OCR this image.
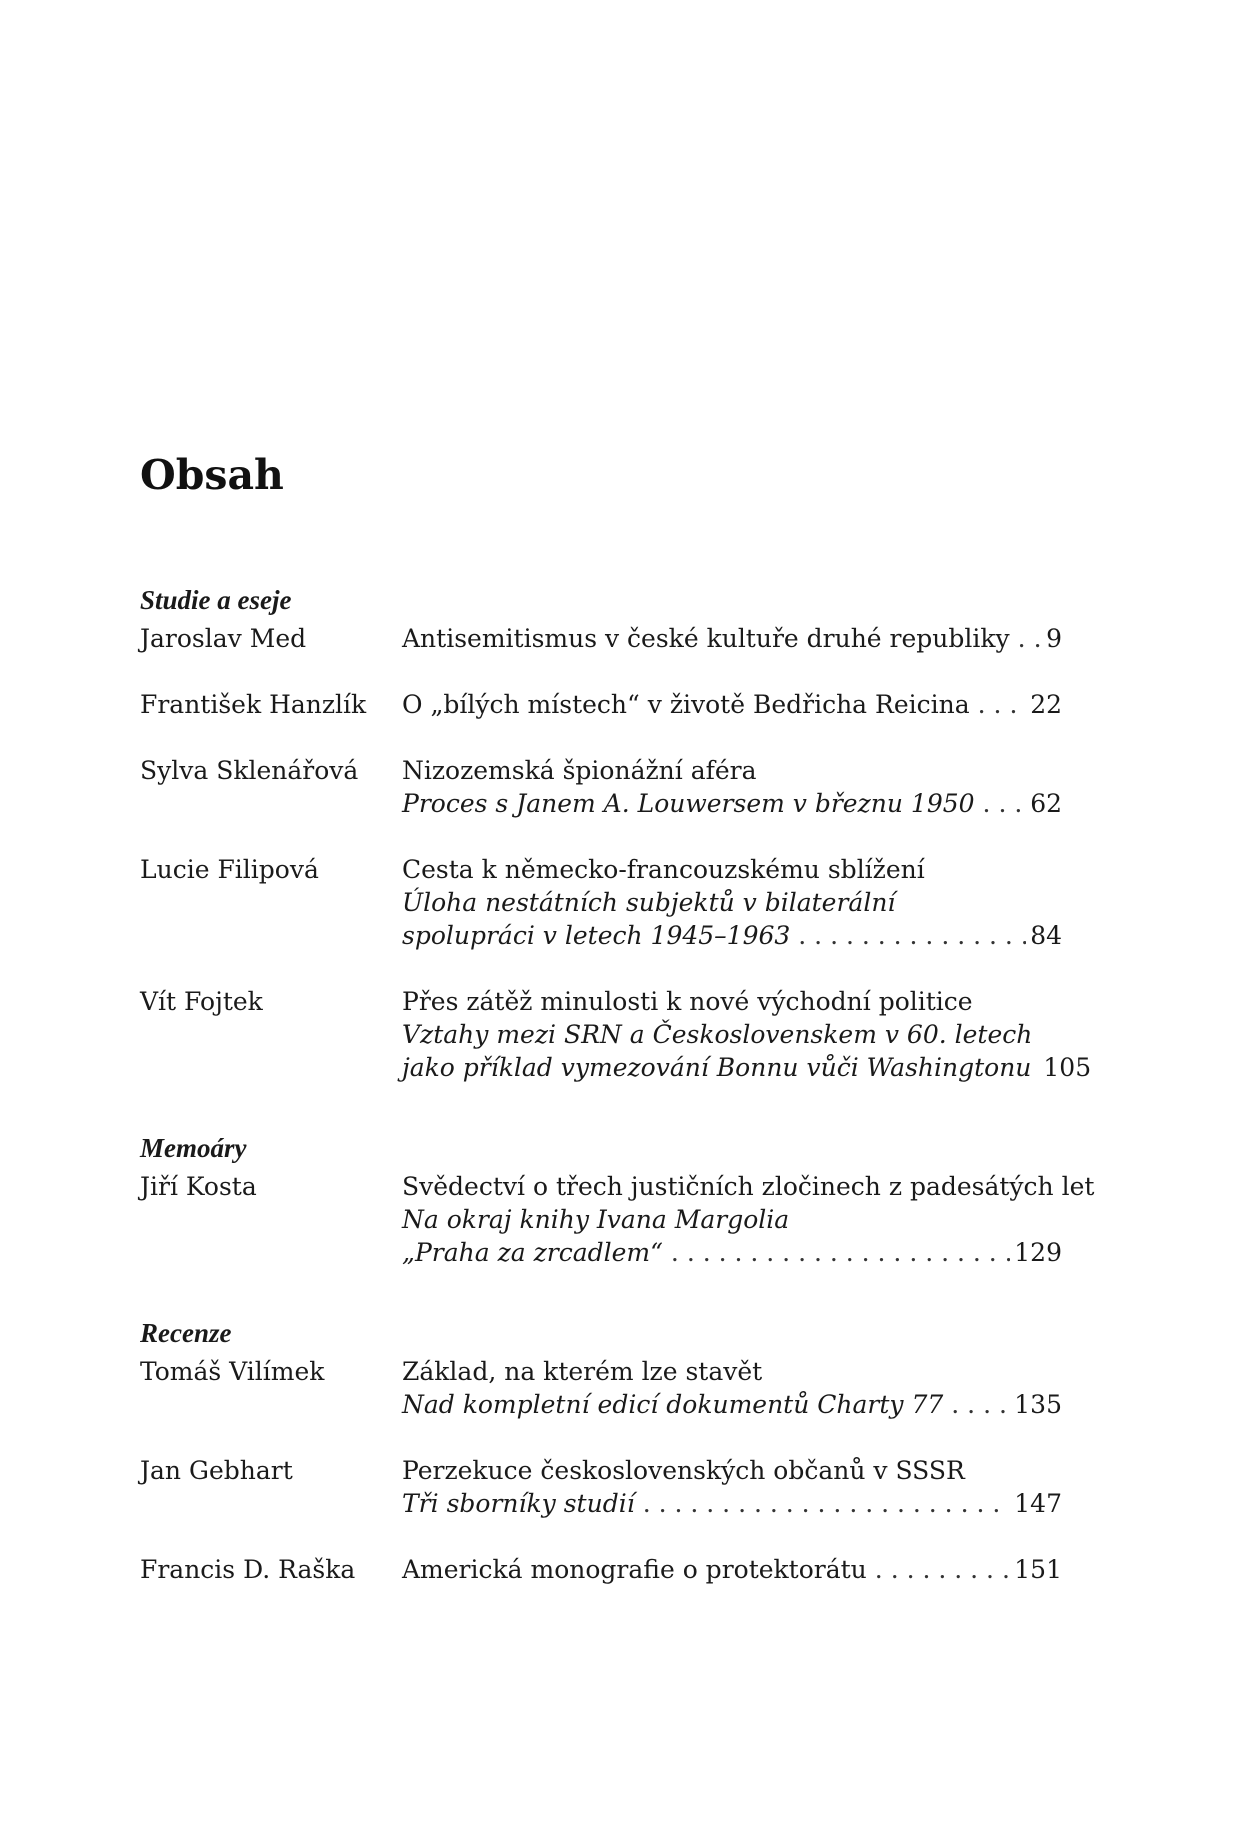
Obsah
Studie a eseje
Jaroslav Med	Antisemitismus v české kultuře druhé republiky . . . 9
František Hanzlík	O „bílých místech“ v životě Bedřicha Reicina . . . 22
Sylva Sklenářová	Nizozemská špionážní aféra
Proces s Janem A. Louwersem v březnu 1950 . . . 62
Lucie Filipová	Cesta k německo-francouzskému sblížení
Úloha nestátních subjektů v bilaterální
spolupráci v letech 1945–1963 . . .	84
Vít Fojtek	Přes zátěž minulosti k nové východní politice
Vztahy mezi SRN a Československem v 60. letech
jako příklad vymezování Bonnu vůči Washingtonu 105
Memoáry
Jiří Kosta	Svědectví o třech justičních zločinech z padesátých let
Na okraj knihy Ivana Margolia
„Praha za zrcadlem“ . . .	129
Recenze
Tomáš Vilímek	Základ, na kterém lze stavět
Nad kompletní edicí dokumentů Charty 77 . . .	135
Jan Gebhart	Perzekuce československých občanů v SSSR
Tři sborníky studií . . .	147
Francis D. Raška	Americká monografie o protektorátu . . .	151
